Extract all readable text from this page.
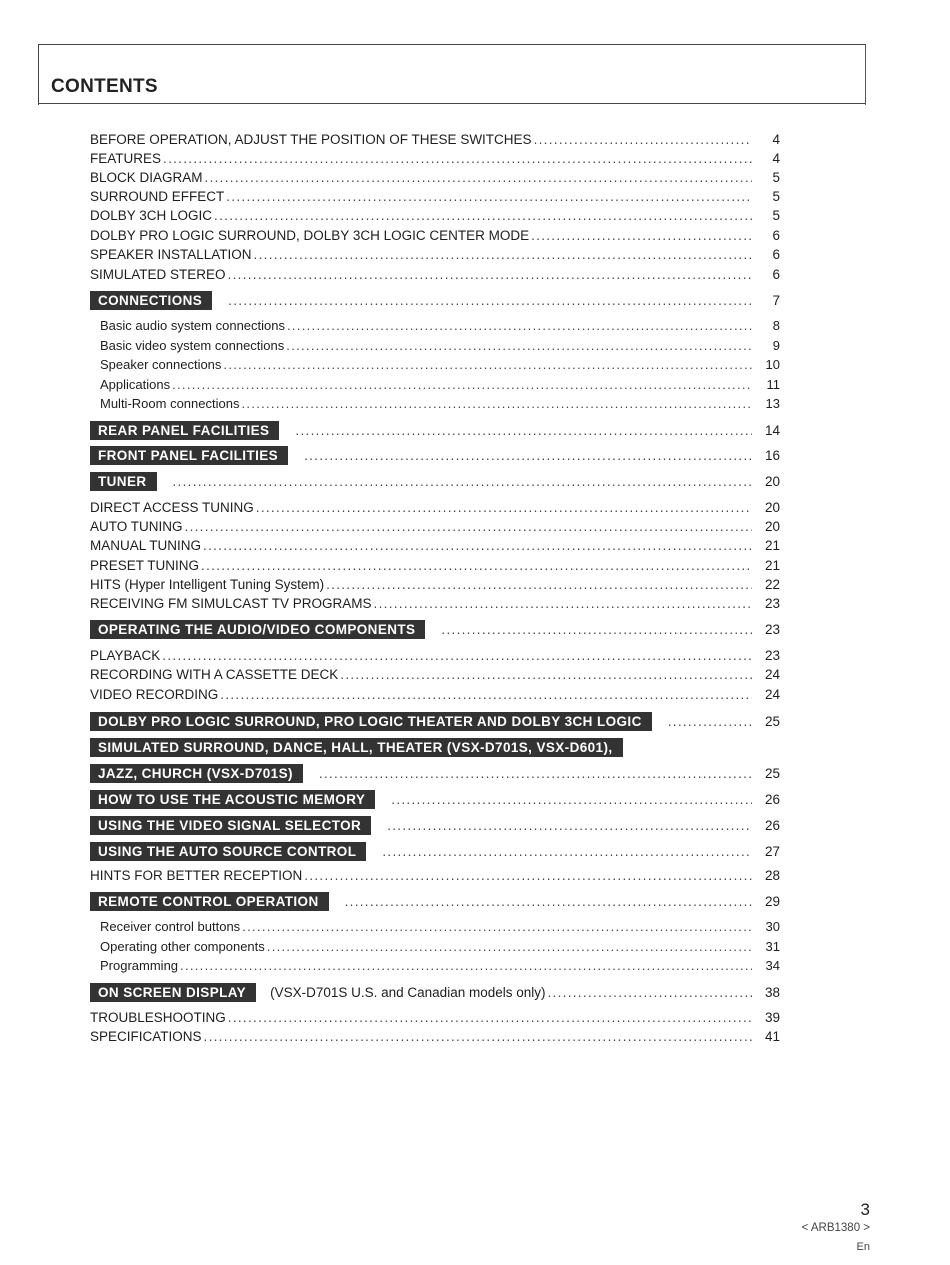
CONTENTS
BEFORE OPERATION, ADJUST THE POSITION OF THESE SWITCHES .....	4
FEATURES .....	4
BLOCK DIAGRAM .....	5
SURROUND EFFECT .....	5
DOLBY 3CH LOGIC .....	5
DOLBY PRO LOGIC SURROUND, DOLBY 3CH LOGIC CENTER MODE .....	6
SPEAKER INSTALLATION .....	6
SIMULATED STEREO .....	6
CONNECTIONS .....	7
Basic audio system connections .....	8
Basic video system connections .....	9
Speaker connections .....	10
Applications .....	11
Multi-Room connections .....	13
REAR PANEL FACILITIES .....	14
FRONT PANEL FACILITIES .....	16
TUNER .....	20
DIRECT ACCESS TUNING .....	20
AUTO TUNING .....	20
MANUAL TUNING .....	21
PRESET TUNING .....	21
HITS (Hyper Intelligent Tuning System) .....	22
RECEIVING FM SIMULCAST TV PROGRAMS .....	23
OPERATING THE AUDIO/VIDEO COMPONENTS .....	23
PLAYBACK .....	23
RECORDING WITH A CASSETTE DECK .....	24
VIDEO RECORDING .....	24
DOLBY PRO LOGIC SURROUND, PRO LOGIC THEATER AND DOLBY 3CH LOGIC .....	25
SIMULATED SURROUND, DANCE, HALL, THEATER (VSX-D701S, VSX-D601),
JAZZ, CHURCH (VSX-D701S) .....	25
HOW TO USE THE ACOUSTIC MEMORY .....	26
USING THE VIDEO SIGNAL SELECTOR .....	26
USING THE AUTO SOURCE CONTROL .....	27
HINTS FOR BETTER RECEPTION .....	28
REMOTE CONTROL OPERATION .....	29
Receiver control buttons .....	30
Operating other components .....	31
Programming .....	34
ON SCREEN DISPLAY	(VSX-D701S U.S. and Canadian models only) .....	38
TROUBLESHOOTING .....	39
SPECIFICATIONS .....	41
3
< ARB1380 >
En
